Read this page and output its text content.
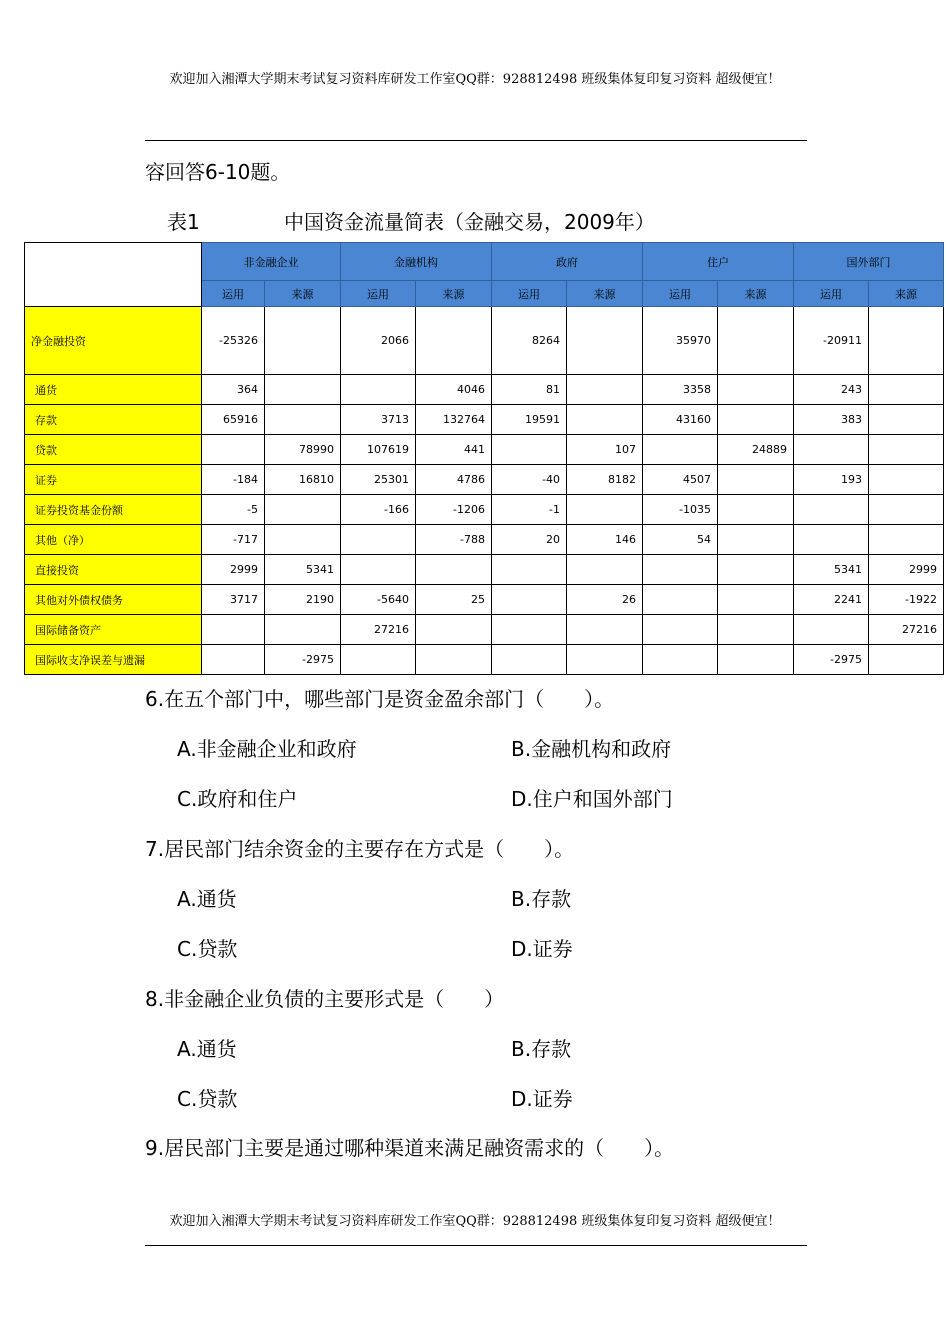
欢迎加入湘潭大学期末考试复习资料库研发工作室QQ群：928812498 班级集体复印复习资料 超级便宜！
容回答6-10题。
表1	中国资金流量简表（金融交易，2009年）
	非金融企业		金融机构		政府		住户		国外部门	
	运用	来源	运用	来源	运用	来源	运用	来源	运用	来源
净金融投资	-25326		2066		8264		35970		-20911	
通货	364			4046	81		3358		243	
存款	65916		3713	132764	19591		43160		383	
贷款		78990	107619	441		107		24889		
证券	-184	16810	25301	4786	-40	8182	4507		193	
证券投资基金份额	-5		-166	-1206	-1		-1035			
其他（净）	-717			-788	20	146	54			
直接投资	2999	5341							5341	2999
其他对外债权债务	3717	2190	-5640	25		26			2241	-1922
国际储备资产			27216							27216
国际收支净误差与遗漏		-2975							-2975	
6.在五个部门中，哪些部门是资金盈余部门（　　）。
A.非金融企业和政府	B.金融机构和政府
C.政府和住户	D.住户和国外部门
7.居民部门结余资金的主要存在方式是（　　）。
A.通货	B.存款
C.贷款	D.证券
8.非金融企业负债的主要形式是（　　）
A.通货	B.存款
C.贷款	D.证券
9.居民部门主要是通过哪种渠道来满足融资需求的（　　）。
欢迎加入湘潭大学期末考试复习资料库研发工作室QQ群：928812498 班级集体复印复习资料 超级便宜！
